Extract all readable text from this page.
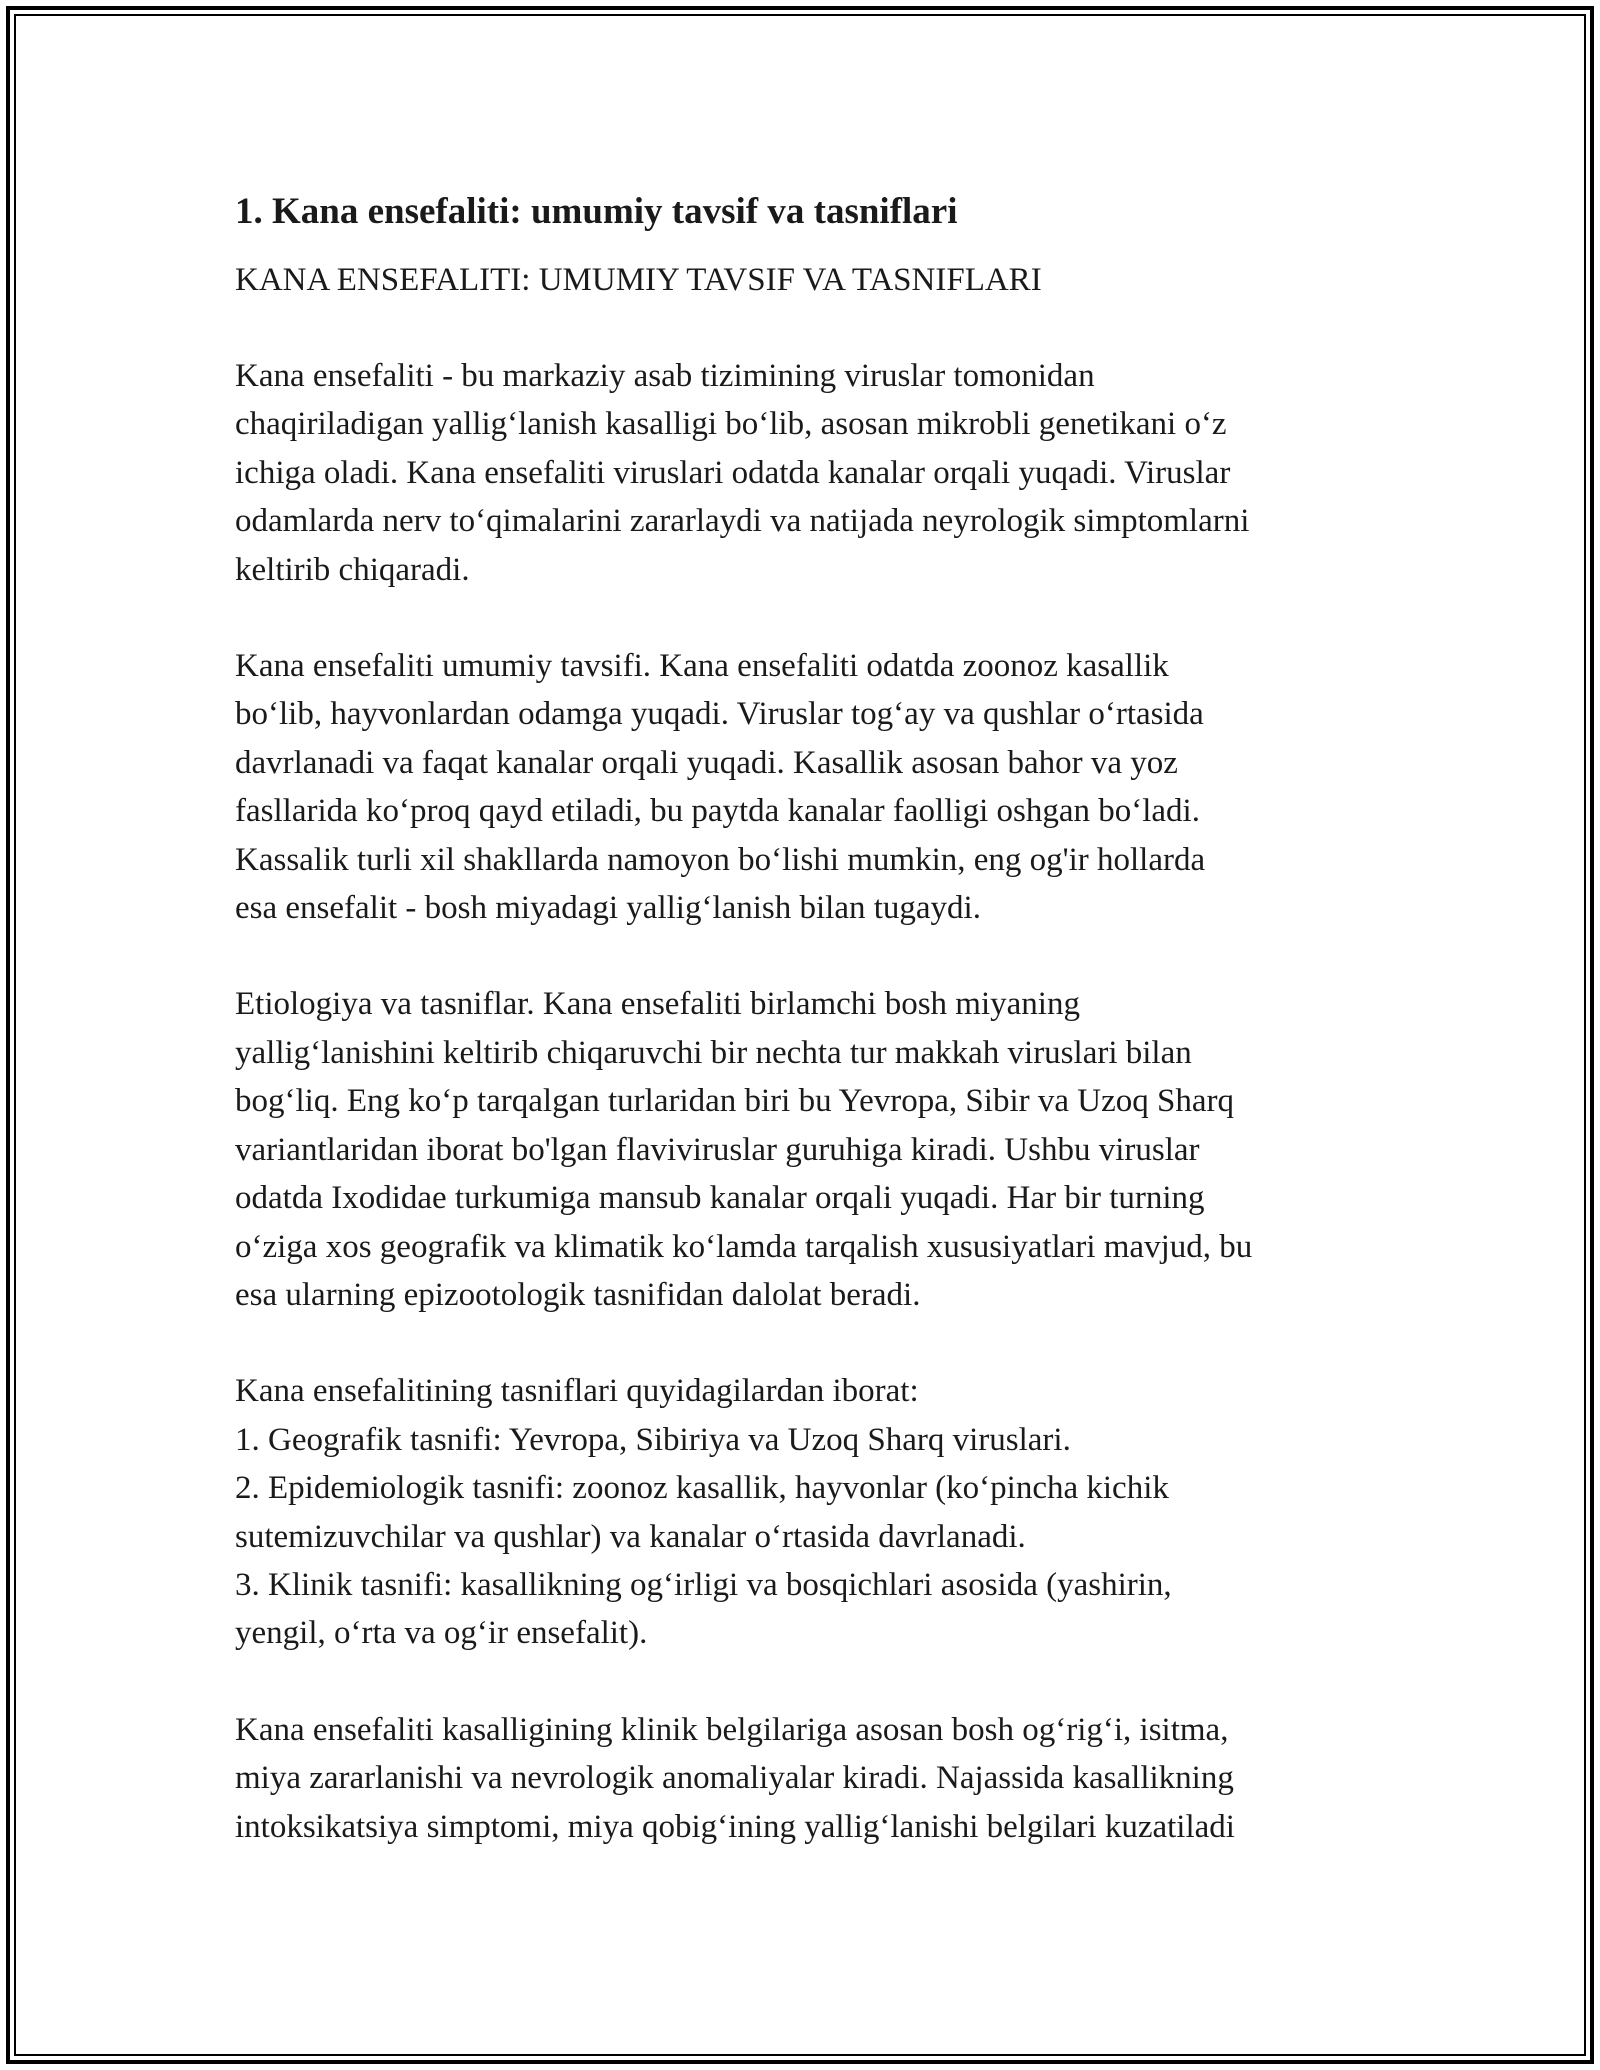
1. Kana ensefaliti: umumiy tavsif va tasniflari
KANA ENSEFALITI: UMUMIY TAVSIF VA TASNIFLARI
Kana ensefaliti - bu markaziy asab tizimining viruslar tomonidan
chaqiriladigan yallig‘lanish kasalligi bo‘lib, asosan mikrobli genetikani o‘z
ichiga oladi. Kana ensefaliti viruslari odatda kanalar orqali yuqadi. Viruslar
odamlarda nerv to‘qimalarini zararlaydi va natijada neyrologik simptomlarni
keltirib chiqaradi.
Kana ensefaliti umumiy tavsifi. Kana ensefaliti odatda zoonoz kasallik
bo‘lib, hayvonlardan odamga yuqadi. Viruslar tog‘ay va qushlar o‘rtasida
davrlanadi va faqat kanalar orqali yuqadi. Kasallik asosan bahor va yoz
fasllarida ko‘proq qayd etiladi, bu paytda kanalar faolligi oshgan bo‘ladi.
Kassalik turli xil shakllarda namoyon bo‘lishi mumkin, eng og'ir hollarda
esa ensefalit - bosh miyadagi yallig‘lanish bilan tugaydi.
Etiologiya va tasniflar. Kana ensefaliti birlamchi bosh miyaning
yallig‘lanishini keltirib chiqaruvchi bir nechta tur makkah viruslari bilan
bog‘liq. Eng ko‘p tarqalgan turlaridan biri bu Yevropa, Sibir va Uzoq Sharq
variantlaridan iborat bo'lgan flaviviruslar guruhiga kiradi. Ushbu viruslar
odatda Ixodidae turkumiga mansub kanalar orqali yuqadi. Har bir turning
o‘ziga xos geografik va klimatik ko‘lamda tarqalish xususiyatlari mavjud, bu
esa ularning epizootologik tasnifidan dalolat beradi.
Kana ensefalitining tasniflari quyidagilardan iborat:
1. Geografik tasnifi: Yevropa, Sibiriya va Uzoq Sharq viruslari.
2. Epidemiologik tasnifi: zoonoz kasallik, hayvonlar (ko‘pincha kichik
sutemizuvchilar va qushlar) va kanalar o‘rtasida davrlanadi.
3. Klinik tasnifi: kasallikning og‘irligi va bosqichlari asosida (yashirin,
yengil, o‘rta va og‘ir ensefalit).
Kana ensefaliti kasalligining klinik belgilariga asosan bosh og‘rig‘i, isitma,
miya zararlanishi va nevrologik anomaliyalar kiradi. Najassida kasallikning
intoksikatsiya simptomi, miya qobig‘ining yallig‘lanishi belgilari kuzatiladi
